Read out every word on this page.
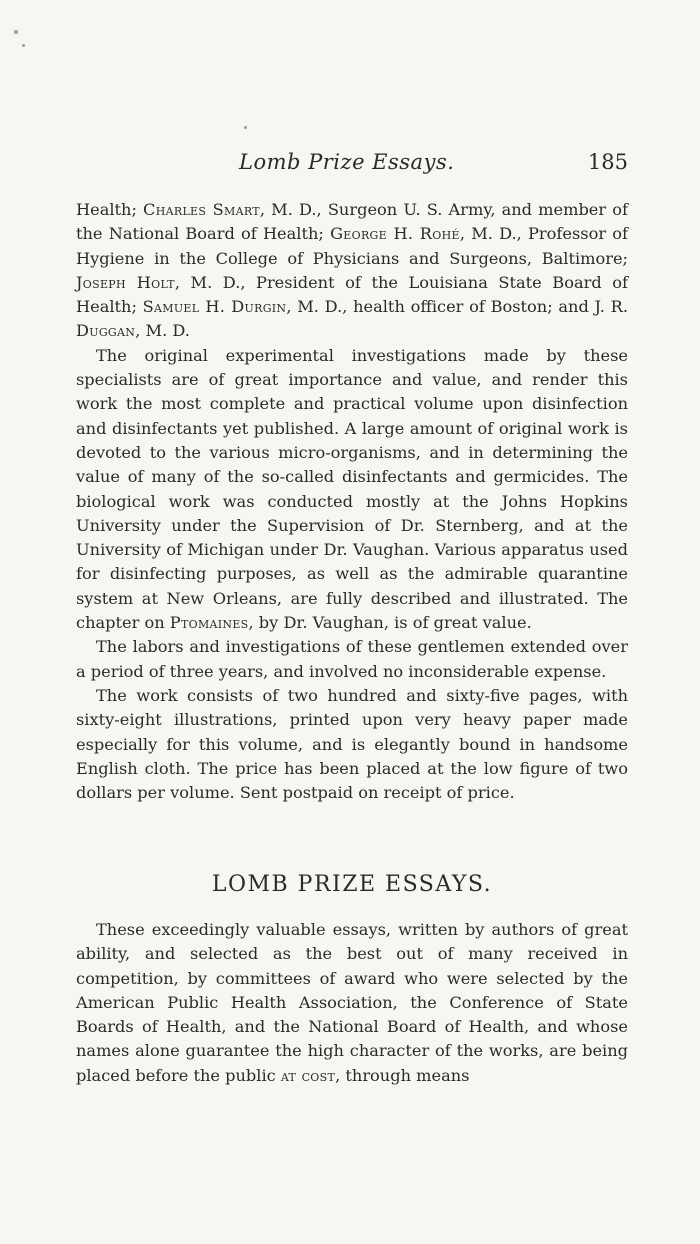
Lomb Prize Essays.	185

Health; Charles Smart, M. D., Surgeon U. S. Army, and member of the National Board of Health; George H. Rohé, M. D., Professor of Hygiene in the College of Physicians and Surgeons, Baltimore; Joseph Holt, M. D., President of the Louisiana State Board of Health; Samuel H. Durgin, M. D., health officer of Boston; and J. R. Duggan, M. D.

The original experimental investigations made by these specialists are of great importance and value, and render this work the most complete and practical volume upon disinfection and disinfectants yet published. A large amount of original work is devoted to the various micro-organisms, and in determining the value of many of the so-called disinfectants and germicides. The biological work was conducted mostly at the Johns Hopkins University under the Supervision of Dr. Sternberg, and at the University of Michigan under Dr. Vaughan. Various apparatus used for disinfecting purposes, as well as the admirable quarantine system at New Orleans, are fully described and illustrated. The chapter on Ptomaines, by Dr. Vaughan, is of great value.

The labors and investigations of these gentlemen extended over a period of three years, and involved no inconsiderable expense.

The work consists of two hundred and sixty-five pages, with sixty-eight illustrations, printed upon very heavy paper made especially for this volume, and is elegantly bound in handsome English cloth. The price has been placed at the low figure of two dollars per volume. Sent postpaid on receipt of price.

LOMB PRIZE ESSAYS.

These exceedingly valuable essays, written by authors of great ability, and selected as the best out of many received in competition, by committees of award who were selected by the American Public Health Association, the Conference of State Boards of Health, and the National Board of Health, and whose names alone guarantee the high character of the works, are being placed before the public at cost, through means
